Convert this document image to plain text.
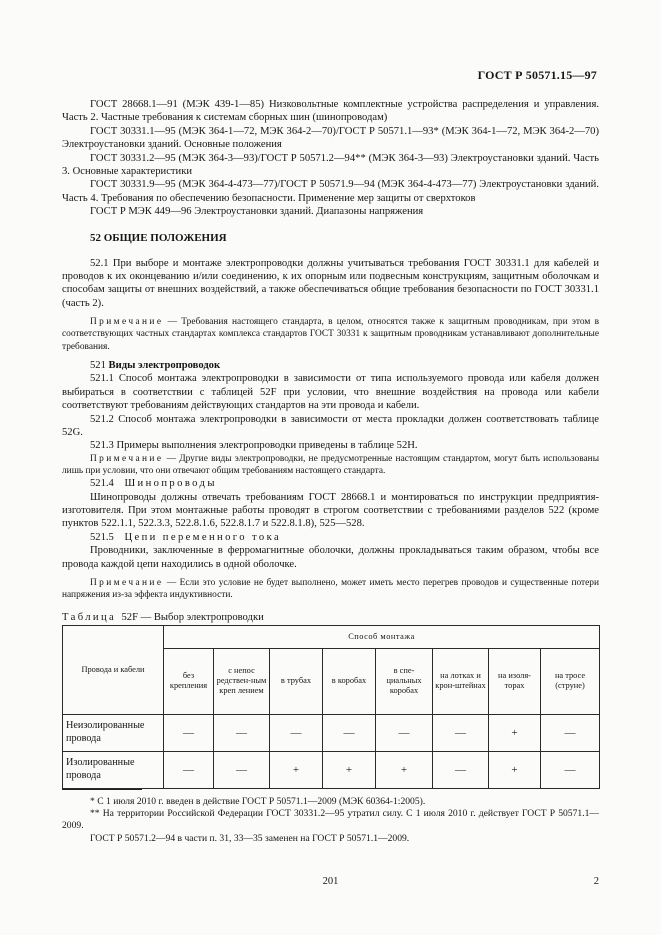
ГОСТ Р 50571.15—97

ГОСТ 28668.1—91 (МЭК 439-1—85) Низковольтные комплектные устройства распределения и управления. Часть 2. Частные требования к системам сборных шин (шинопроводам)

ГОСТ 30331.1—95 (МЭК 364-1—72, МЭК 364-2—70)/ГОСТ Р 50571.1—93* (МЭК 364-1—72, МЭК 364-2—70) Электроустановки зданий. Основные положения

ГОСТ 30331.2—95 (МЭК 364-3—93)/ГОСТ Р 50571.2—94** (МЭК 364-3—93) Электроустановки зданий. Часть 3. Основные характеристики

ГОСТ 30331.9—95 (МЭК 364-4-473—77)/ГОСТ Р 50571.9—94 (МЭК 364-4-473—77) Электроустановки зданий. Часть 4. Требования по обеспечению безопасности. Применение мер защиты от сверхтоков

ГОСТ Р МЭК 449—96 Электроустановки зданий. Диапазоны напряжения

52 ОБЩИЕ ПОЛОЖЕНИЯ

52.1 При выборе и монтаже электропроводки должны учитываться требования ГОСТ 30331.1 для кабелей и проводов к их оконцеванию и/или соединению, к их опорным или подвесным конструкциям, защитным оболочкам и способам защиты от внешних воздействий, а также обеспечиваться общие требования безопасности по ГОСТ 30331.1 (часть 2).

Примечание — Требования настоящего стандарта, в целом, относятся также к защитным проводникам, при этом в соответствующих частных стандартах комплекса стандартов ГОСТ 30331 к защитным проводникам устанавливают дополнительные требования.

521 Виды электропроводок

521.1 Способ монтажа электропроводки в зависимости от типа используемого провода или кабеля должен выбираться в соответствии с таблицей 52F при условии, что внешние воздействия на провода или кабели соответствуют требованиям действующих стандартов на эти провода и кабели.

521.2 Способ монтажа электропроводки в зависимости от места прокладки должен соответствовать таблице 52G.

521.3 Примеры выполнения электропроводки приведены в таблице 52H.

Примечание — Другие виды электропроводки, не предусмотренные настоящим стандартом, могут быть использованы лишь при условии, что они отвечают общим требованиям настоящего стандарта.

521.4 Шинопроводы

Шинопроводы должны отвечать требованиям ГОСТ 28668.1 и монтироваться по инструкции предприятия-изготовителя. При этом монтажные работы проводят в строгом соответствии с требованиями разделов 522 (кроме пунктов 522.1.1, 522.3.3, 522.8.1.6, 522.8.1.7 и 522.8.1.8), 525—528.

521.5 Цепи переменного тока

Проводники, заключенные в ферромагнитные оболочки, должны прокладываться таким образом, чтобы все провода каждой цепи находились в одной оболочке.

Примечание — Если это условие не будет выполнено, может иметь место перегрев проводов и существенные потери напряжения из-за эффекта индуктивности.

Таблица 52F — Выбор электропроводки

Провода и кабели	Способ монтажа							
	без крепления	с непос редствен-ным креп лением	в трубах	в коробах	в спе-циальных коробах	на лотках и крон-штейнах	на изоля-торах	на тросе (струне)
Неизолированные провода	—	—	—	—	—	—	+	—
Изолированные провода	—	—	+	+	+	—	+	—

* С 1 июля 2010 г. введен в действие ГОСТ Р 50571.1—2009 (МЭК 60364-1:2005).

** На территории Российской Федерации ГОСТ 30331.2—95 утратил силу. С 1 июля 2010 г. действует ГОСТ Р 50571.1—2009.

ГОСТ Р 50571.2—94 в части п. 31, 33—35 заменен на ГОСТ Р 50571.1—2009.

201	2
